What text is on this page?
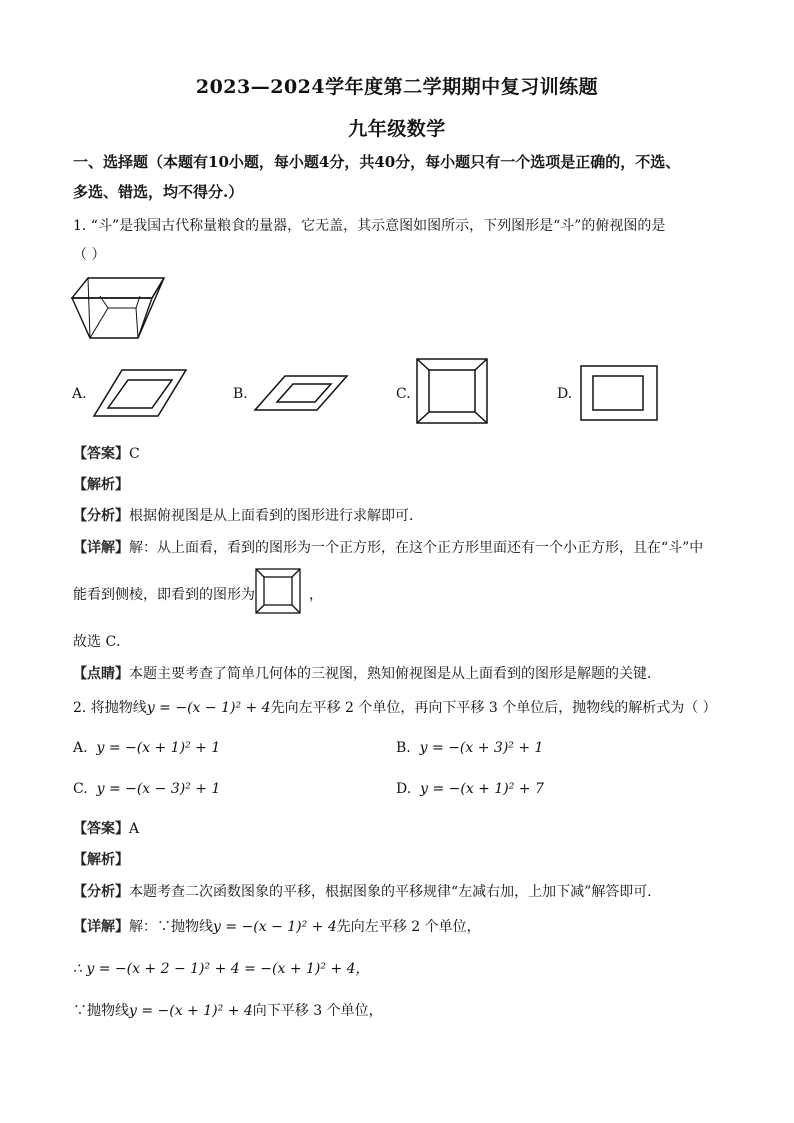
2023—2024学年度第二学期期中复习训练题
九年级数学
一、选择题（本题有10小题，每小题4分，共40分，每小题只有一个选项是正确的，不选、
多选、错选，均不得分.）
1. “斗”是我国古代称量粮食的量器，它无盖，其示意图如图所示，下列图形是“斗”的俯视图的是
（ ）
A.	B.	C.	D.
【答案】C
【解析】
【分析】根据俯视图是从上面看到的图形进行求解即可．
【详解】解：从上面看，看到的图形为一个正方形，在这个正方形里面还有一个小正方形，且在“斗”中
能看到侧棱，即看到的图形为	，
故选 C．
【点睛】本题主要考查了简单几何体的三视图，熟知俯视图是从上面看到的图形是解题的关键．
2. 将抛物线y = −(x − 1)² + 4先向左平移 2 个单位，再向下平移 3 个单位后，抛物线的解析式为（ ）
A. y = −(x + 1)² + 1	B. y = −(x + 3)² + 1
C. y = −(x − 3)² + 1	D. y = −(x + 1)² + 7
【答案】A
【解析】
【分析】本题考查二次函数图象的平移，根据图象的平移规律“左减右加，上加下减”解答即可．
【详解】解：∵抛物线y = −(x − 1)² + 4先向左平移 2 个单位，
∴ y = −(x + 2 − 1)² + 4 = −(x + 1)² + 4，
∵抛物线y = −(x + 1)² + 4向下平移 3 个单位，
